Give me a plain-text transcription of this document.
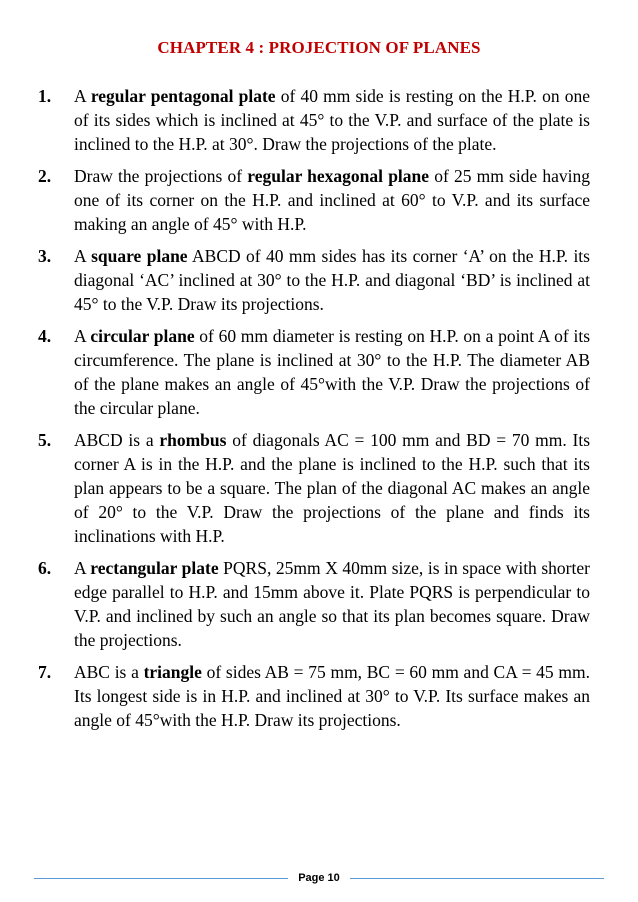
CHAPTER 4 : PROJECTION OF PLANES
1.	A regular pentagonal plate of 40 mm side is resting on the H.P. on one of its sides which is inclined at 45° to the V.P. and surface of the plate is inclined to the H.P. at 30°. Draw the projections of the plate.
2.	Draw the projections of regular hexagonal plane of 25 mm side having one of its corner on the H.P. and inclined at 60° to V.P. and its surface making an angle of 45° with H.P.
3.	A square plane ABCD of 40 mm sides has its corner ‘A’ on the H.P. its diagonal ‘AC’ inclined at 30° to the H.P. and diagonal ‘BD’ is inclined at 45° to the V.P. Draw its projections.
4.	A circular plane of 60 mm diameter is resting on H.P. on a point A of its circumference. The plane is inclined at 30° to the H.P. The diameter AB of the plane makes an angle of 45°with the V.P. Draw the projections of the circular plane.
5.	ABCD is a rhombus of diagonals AC = 100 mm and BD = 70 mm. Its corner A is in the H.P. and the plane is inclined to the H.P. such that its plan appears to be a square. The plan of the diagonal AC makes an angle of 20° to the V.P. Draw the projections of the plane and finds its inclinations with H.P.
6.	A rectangular plate PQRS, 25mm X 40mm size, is in space with shorter edge parallel to H.P. and 15mm above it. Plate PQRS is perpendicular to V.P. and inclined by such an angle so that its plan becomes square. Draw the projections.
7.	ABC is a triangle of sides AB = 75 mm, BC = 60 mm and CA = 45 mm. Its longest side is in H.P. and inclined at 30° to V.P. Its surface makes an angle of 45°with the H.P. Draw its projections.
Page 10
